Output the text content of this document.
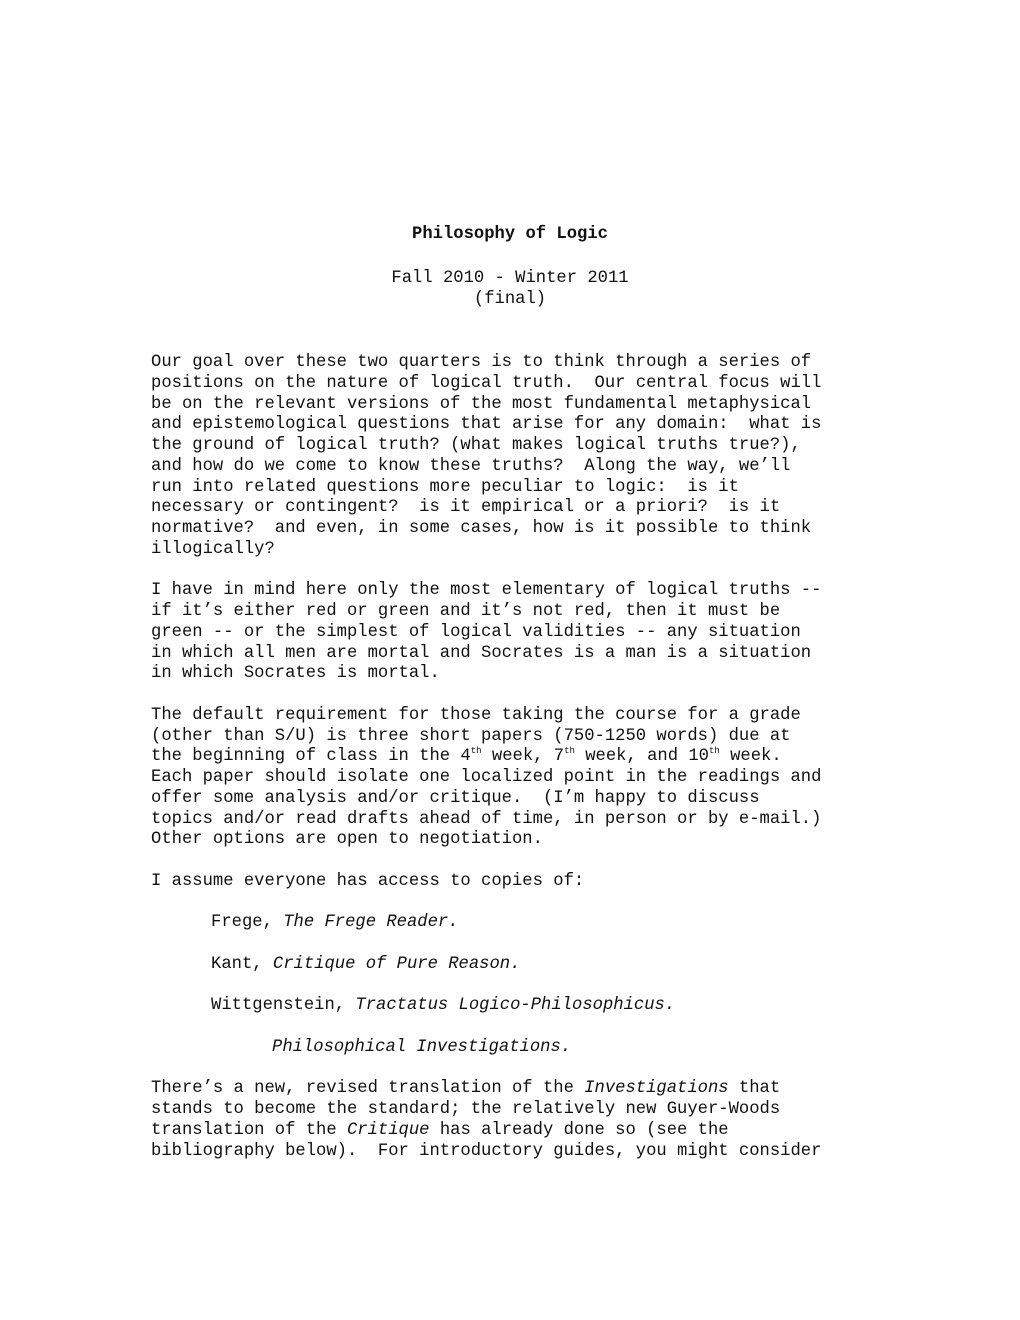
Philosophy of Logic
Fall 2010 - Winter 2011
(final)
Our goal over these two quarters is to think through a series of
positions on the nature of logical truth.  Our central focus will
be on the relevant versions of the most fundamental metaphysical
and epistemological questions that arise for any domain:  what is
the ground of logical truth? (what makes logical truths true?),
and how do we come to know these truths?  Along the way, we’ll
run into related questions more peculiar to logic:  is it
necessary or contingent?  is it empirical or a priori?  is it
normative?  and even, in some cases, how is it possible to think
illogically?
I have in mind here only the most elementary of logical truths --
if it’s either red or green and it’s not red, then it must be
green -- or the simplest of logical validities -- any situation
in which all men are mortal and Socrates is a man is a situation
in which Socrates is mortal.
The default requirement for those taking the course for a grade
(other than S/U) is three short papers (750-1250 words) due at
the beginning of class in the 4th week, 7th week, and 10th week.
Each paper should isolate one localized point in the readings and
offer some analysis and/or critique.  (I’m happy to discuss
topics and/or read drafts ahead of time, in person or by e-mail.)
Other options are open to negotiation.
I assume everyone has access to copies of:
Frege, The Frege Reader.
Kant, Critique of Pure Reason.
Wittgenstein, Tractatus Logico-Philosophicus.
Philosophical Investigations.
There’s a new, revised translation of the Investigations that
stands to become the standard; the relatively new Guyer-Woods
translation of the Critique has already done so (see the
bibliography below).  For introductory guides, you might consider
